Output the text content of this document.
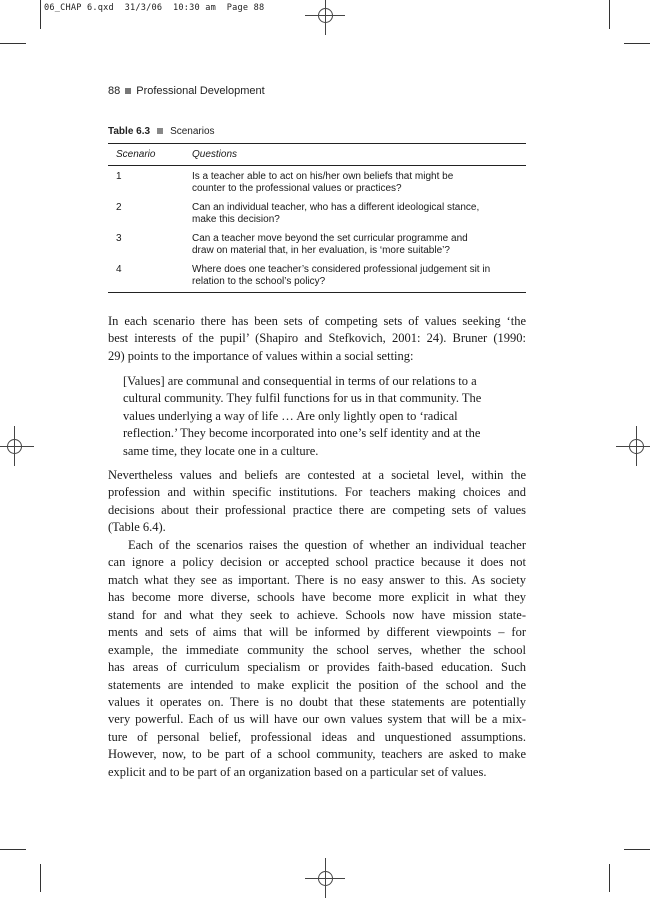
06_CHAP 6.qxd  31/3/06  10:30 am  Page 88
88 Professional Development
Table 6.3 Scenarios
Scenario	Questions
1	Is a teacher able to act on his/her own beliefs that might be
counter to the professional values or practices?
2	Can an individual teacher, who has a different ideological stance,
make this decision?
3	Can a teacher move beyond the set curricular programme and
draw on material that, in her evaluation, is ‘more suitable’?
4	Where does one teacher’s considered professional judgement sit in
relation to the school’s policy?
In each scenario there has been sets of competing sets of values seeking ‘the
best interests of the pupil’ (Shapiro and Stefkovich, 2001: 24). Bruner (1990:
29) points to the importance of values within a social setting:
[Values] are communal and consequential in terms of our relations to a
cultural community. They fulfil functions for us in that community. The
values underlying a way of life … Are only lightly open to ‘radical
reflection.’ They become incorporated into one’s self identity and at the
same time, they locate one in a culture.
Nevertheless values and beliefs are contested at a societal level, within the
profession and within specific institutions. For teachers making choices and
decisions about their professional practice there are competing sets of values
(Table 6.4).
Each of the scenarios raises the question of whether an individual teacher
can ignore a policy decision or accepted school practice because it does not
match what they see as important. There is no easy answer to this. As society
has become more diverse, schools have become more explicit in what they
stand for and what they seek to achieve. Schools now have mission state-
ments and sets of aims that will be informed by different viewpoints – for
example, the immediate community the school serves, whether the school
has areas of curriculum specialism or provides faith-based education. Such
statements are intended to make explicit the position of the school and the
values it operates on. There is no doubt that these statements are potentially
very powerful. Each of us will have our own values system that will be a mix-
ture of personal belief, professional ideas and unquestioned assumptions.
However, now, to be part of a school community, teachers are asked to make
explicit and to be part of an organization based on a particular set of values.
